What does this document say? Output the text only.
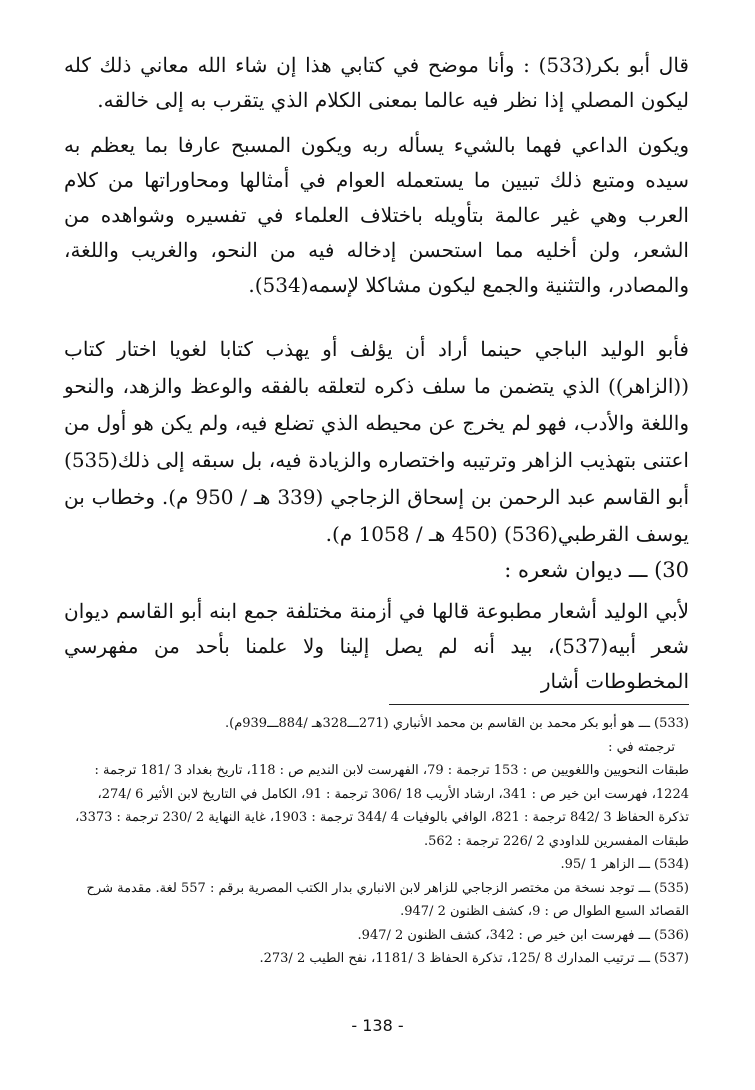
قال أبو بكر(533) : وأنا موضح في كتابي هذا إن شاء الله معاني ذلك كله ليكون المصلي إذا نظر فيه عالما بمعنى الكلام الذي يتقرب به إلى خالقه.

ويكون الداعي فهما بالشيء يسأله ربه ويكون المسبح عارفا بما يعظم به سيده ومتبع ذلك تبيين ما يستعمله العوام في أمثالها ومحاوراتها من كلام العرب وهي غير عالمة بتأويله باختلاف العلماء في تفسيره وشواهده من الشعر، ولن أخليه مما استحسن إدخاله فيه من النحو، والغريب واللغة، والمصادر، والتثنية والجمع ليكون مشاكلا لإسمه(534).

فأبو الوليد الباجي حينما أراد أن يؤلف أو يهذب كتابا لغويا اختار كتاب ((الزاهر)) الذي يتضمن ما سلف ذكره لتعلقه بالفقه والوعظ والزهد، والنحو واللغة والأدب، فهو لم يخرج عن محيطه الذي تضلع فيه، ولم يكن هو أول من اعتنى بتهذيب الزاهر وترتيبه واختصاره والزيادة فيه، بل سبقه إلى ذلك(535) أبو القاسم عبد الرحمن بن إسحاق الزجاجي (339 هـ / 950 م). وخطاب بن يوسف القرطبي(536) (450 هـ / 1058 م).

30) ـــ ديوان شعره :

لأبي الوليد أشعار مطبوعة قالها في أزمنة مختلفة جمع ابنه أبو القاسم ديوان شعر أبيه(537)، بيد أنه لم يصل إلينا ولا علمنا بأحد من مفهرسي المخطوطات أشار

(533)ـــ هو أبو بكر محمد بن القاسم بن محمد الأنباري (271ـــ328هـ /884ـــ939م).

ترجمته في :

طبقات النحويين واللغويين ص : 153 ترجمة : 79، الفهرست لابن النديم ص : 118، تاريخ بغداد 3 /181 ترجمة : 1224، فهرست ابن خير ص : 341، ارشاد الأريب 18 /306 ترجمة : 91، الكامل في التاريخ لابن الأثير 6 /274، تذكرة الحفاظ 3 /842 ترجمة : 821، الوافي بالوفيات 4 /344 ترجمة : 1903، غاية النهاية 2 /230 ترجمة : 3373، طبقات المفسرين للداودي 2 /226 ترجمة : 562.

(534)ـــ الزاهر 1 /95.

(535)ـــ توجد نسخة من مختصر الزجاجي للزاهر لابن الانباري بدار الكتب المصرية برقم : 557 لغة. مقدمة شرح القصائد السبع الطوال ص : 9، كشف الظنون 2 /947.

(536)ـــ فهرست ابن خير ص : 342، كشف الظنون 2 /947.

(537)ـــ ترتيب المدارك 8 /125، تذكرة الحفاظ 3 /1181، نفح الطيب 2 /273.

- 138 -
